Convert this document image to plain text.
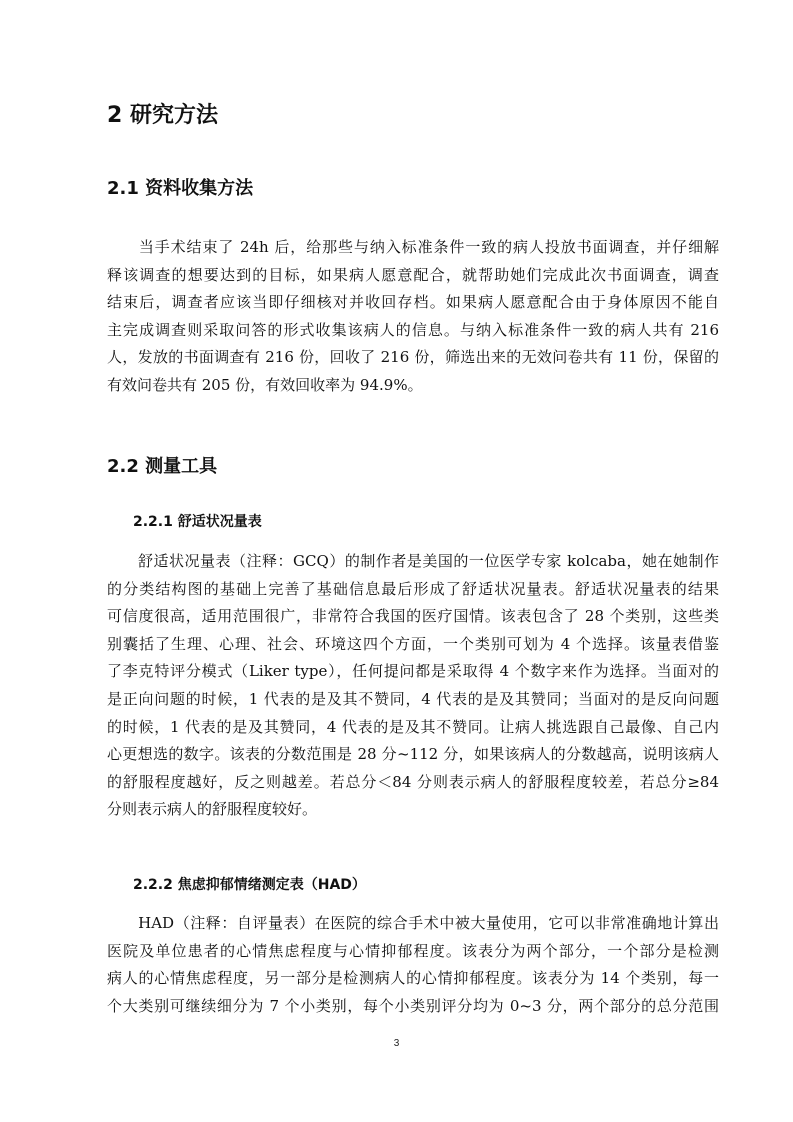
2 研究方法
2.1 资料收集方法
　　当手术结束了 24h 后，给那些与纳入标准条件一致的病人投放书面调查，并仔细解
释该调查的想要达到的目标，如果病人愿意配合，就帮助她们完成此次书面调查，调查
结束后，调查者应该当即仔细核对并收回存档。如果病人愿意配合由于身体原因不能自
主完成调查则采取问答的形式收集该病人的信息。与纳入标准条件一致的病人共有 216
人，发放的书面调查有 216 份，回收了 216 份，筛选出来的无效问卷共有 11 份，保留的
有效问卷共有 205 份，有效回收率为 94.9%。
2.2 测量工具
2.2.1 舒适状况量表
　　舒适状况量表（注释：GCQ）的制作者是美国的一位医学专家 kolcaba，她在她制作
的分类结构图的基础上完善了基础信息最后形成了舒适状况量表。舒适状况量表的结果
可信度很高，适用范围很广，非常符合我国的医疗国情。该表包含了 28 个类别，这些类
别囊括了生理、心理、社会、环境这四个方面，一个类别可划为 4 个选择。该量表借鉴
了李克特评分模式（Liker type），任何提问都是采取得 4 个数字来作为选择。当面对的
是正向问题的时候，1 代表的是及其不赞同，4 代表的是及其赞同；当面对的是反向问题
的时候，1 代表的是及其赞同，4 代表的是及其不赞同。让病人挑选跟自己最像、自己内
心更想选的数字。该表的分数范围是 28 分~112 分，如果该病人的分数越高，说明该病人
的舒服程度越好，反之则越差。若总分＜84 分则表示病人的舒服程度较差，若总分≥84
分则表示病人的舒服程度较好。
2.2.2 焦虑抑郁情绪测定表（HAD）
　　HAD（注释：自评量表）在医院的综合手术中被大量使用，它可以非常准确地计算出
医院及单位患者的心情焦虑程度与心情抑郁程度。该表分为两个部分，一个部分是检测
病人的心情焦虑程度，另一部分是检测病人的心情抑郁程度。该表分为 14 个类别，每一
个大类别可继续细分为 7 个小类别，每个小类别评分均为 0~3 分，两个部分的总分范围
3
